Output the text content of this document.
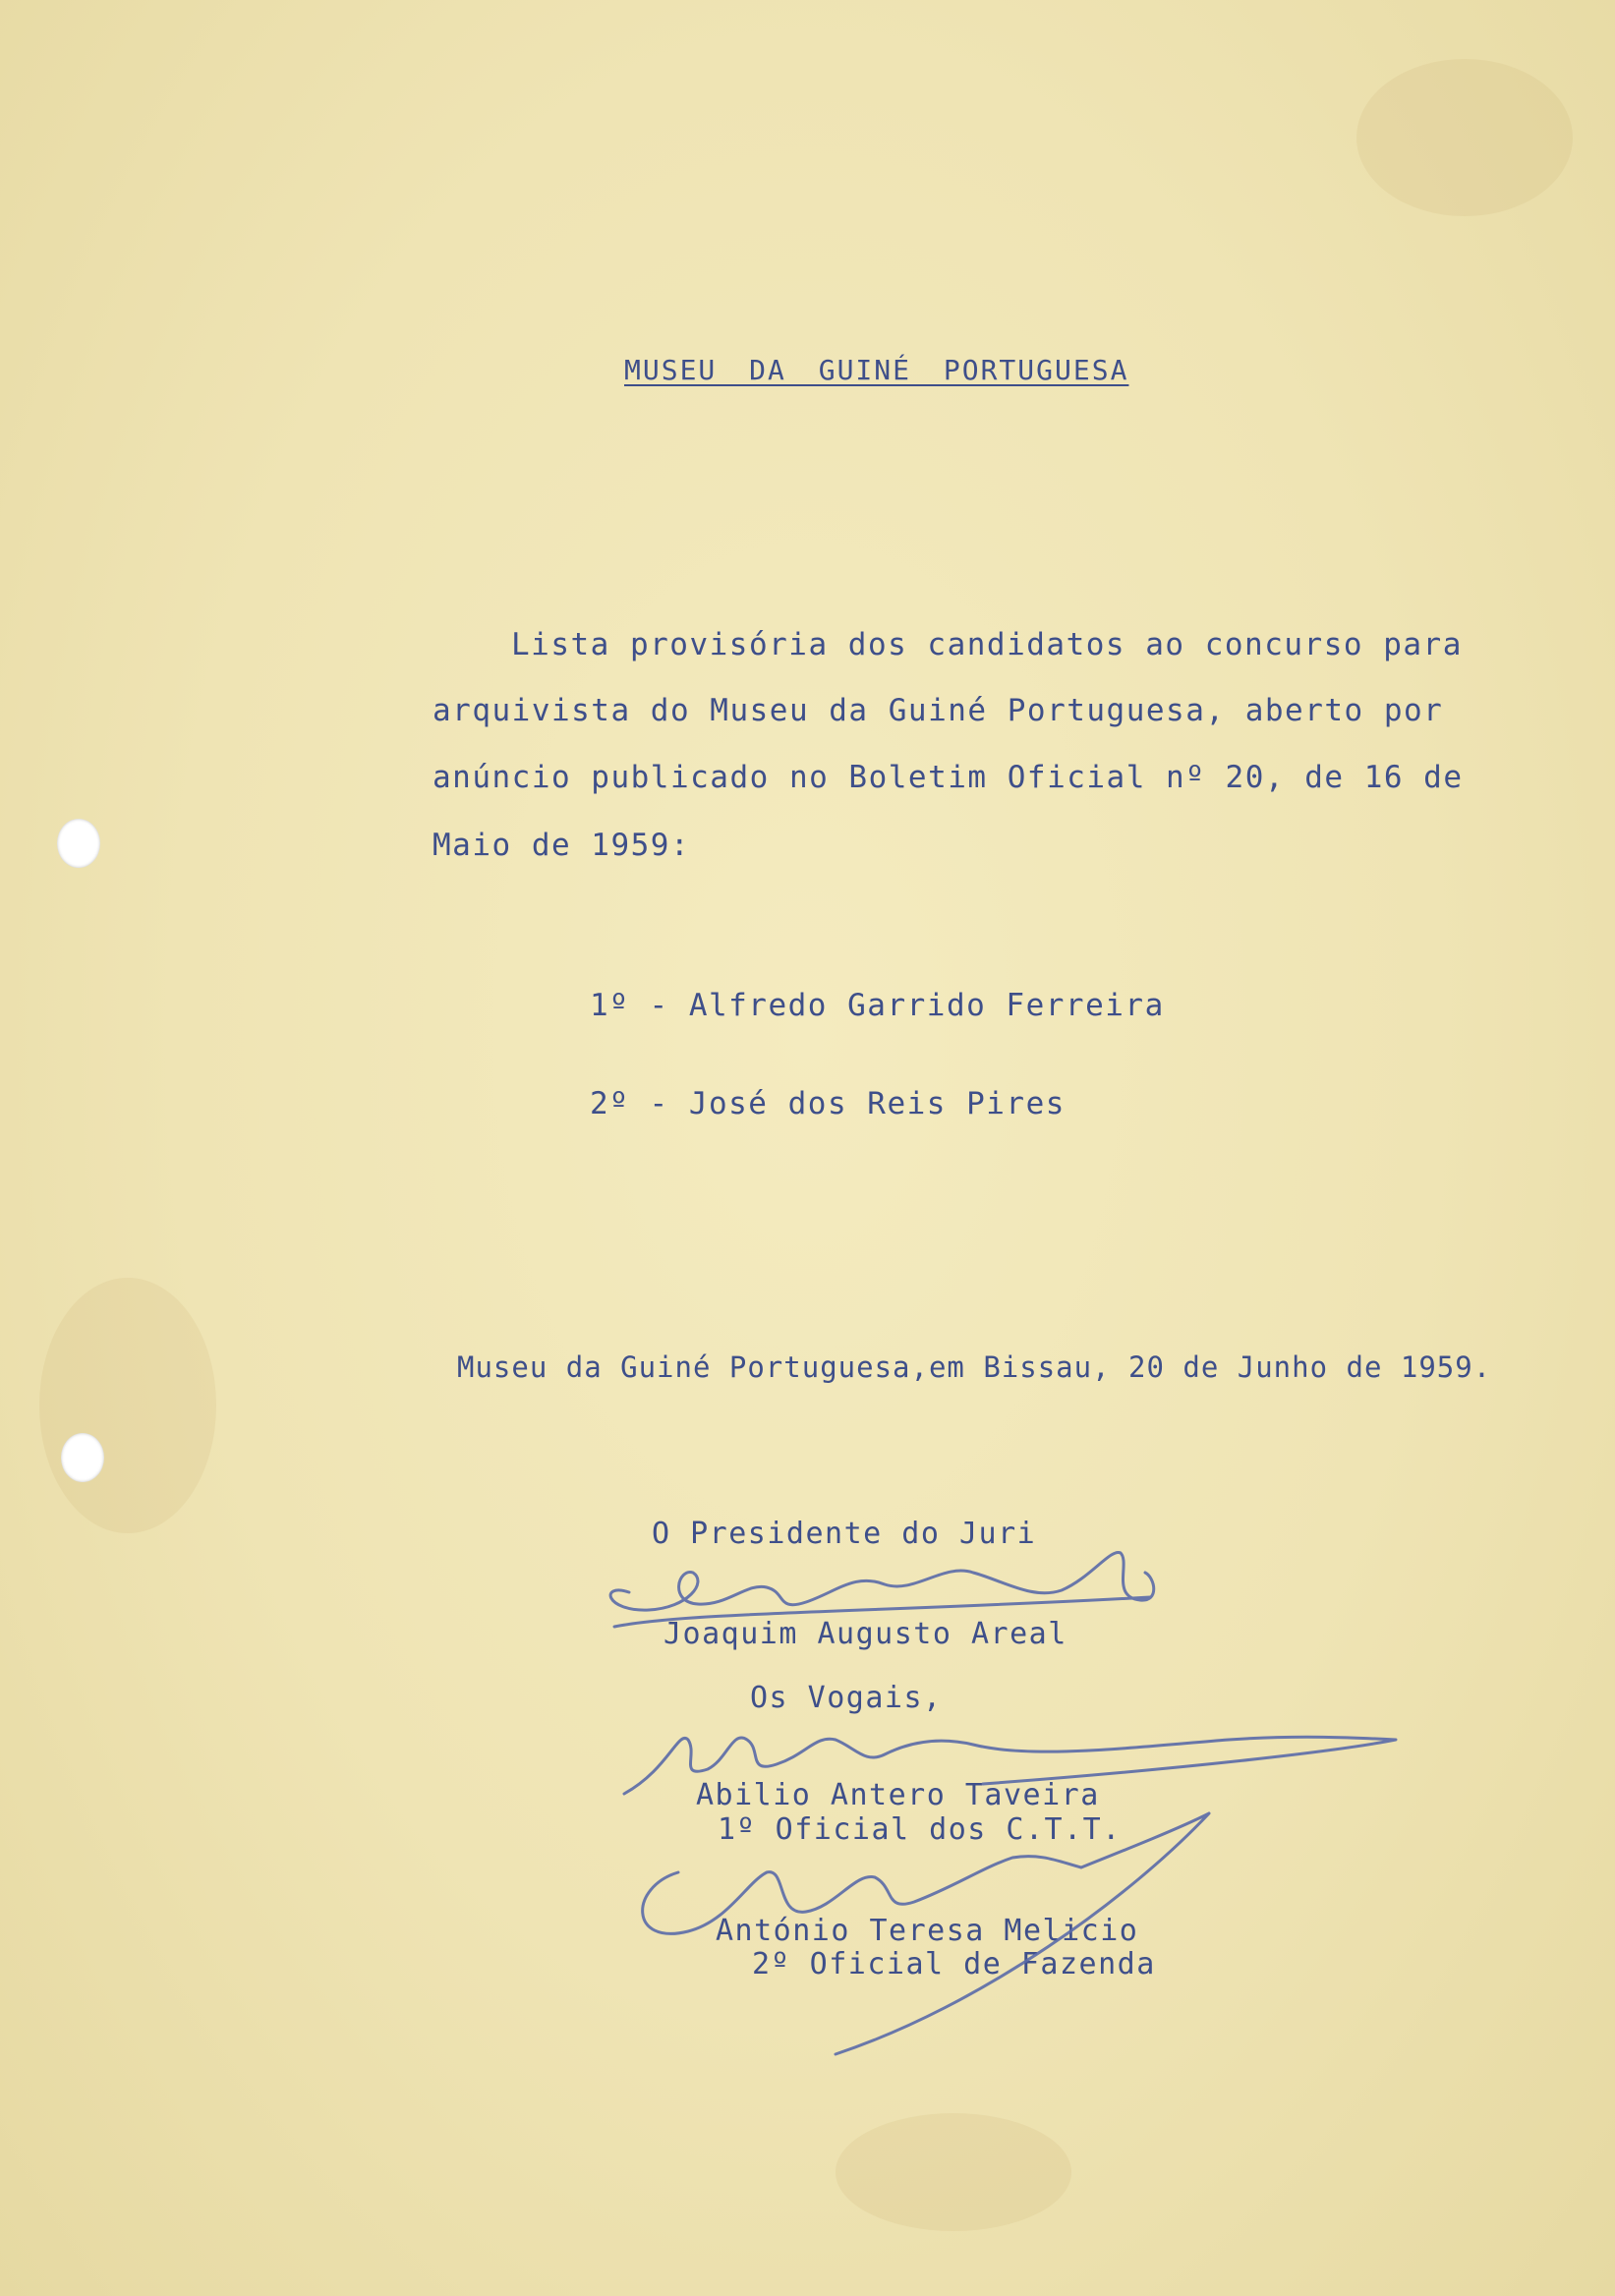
MUSEU DA GUINÉ PORTUGUESA
Lista provisória dos candidatos ao concurso para
arquivista do Museu da Guiné Portuguesa, aberto por
anúncio publicado no Boletim Oficial nº 20, de 16 de
Maio de 1959:
1º - Alfredo Garrido Ferreira
2º - José dos Reis Pires
Museu da Guiné Portuguesa,em Bissau, 20 de Junho de 1959.
O Presidente do Juri
Joaquim Augusto Areal
Os Vogais,
Abilio Antero Taveira
1º Oficial dos C.T.T.
António Teresa Melicio
2º Oficial de Fazenda
